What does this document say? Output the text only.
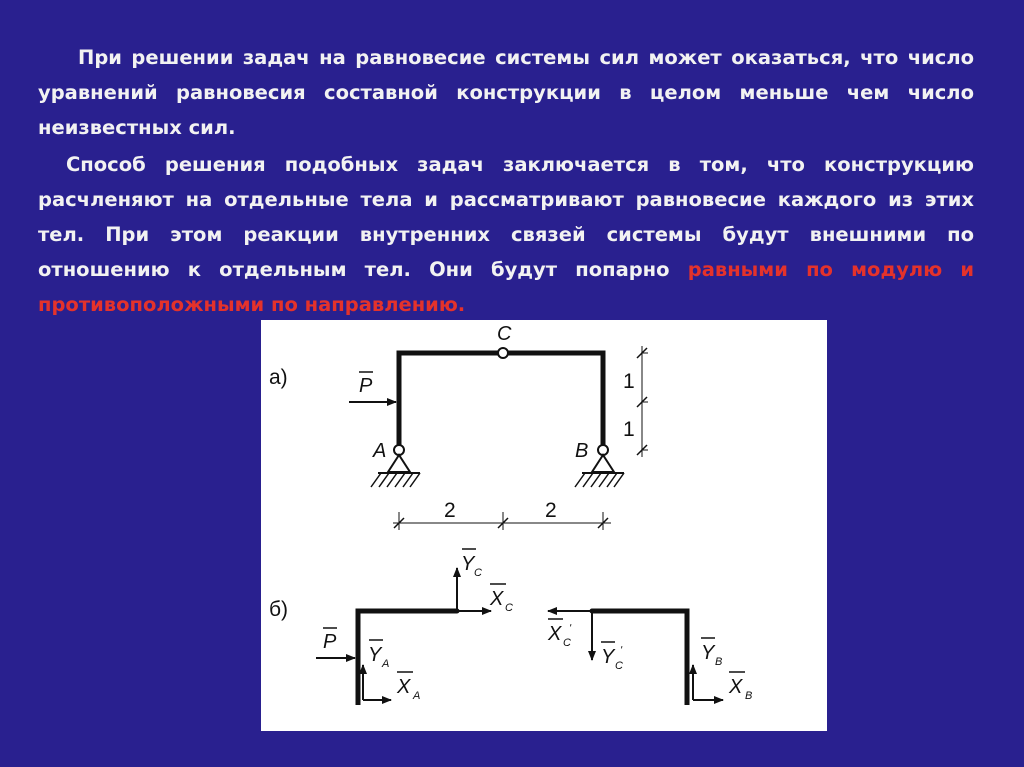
При решении задач на равновесие системы сил может оказаться, что число уравнений равновесия составной конструкции в целом меньше чем число неизвестных сил.

Способ решения подобных задач заключается в том, что конструкцию расчленяют на отдельные тела и рассматривают равновесие каждого из этих тел. При этом реакции внутренних связей системы будут внешними по отношению к отдельным тел. Они будут попарно равными по модулю и противоположными по направлению.

а)
C
A	B
P	1
1
2	2
б)
Y C
X C
P
Y A
X A
X C
ʹ
Y C
ʹ	Y B
X B
